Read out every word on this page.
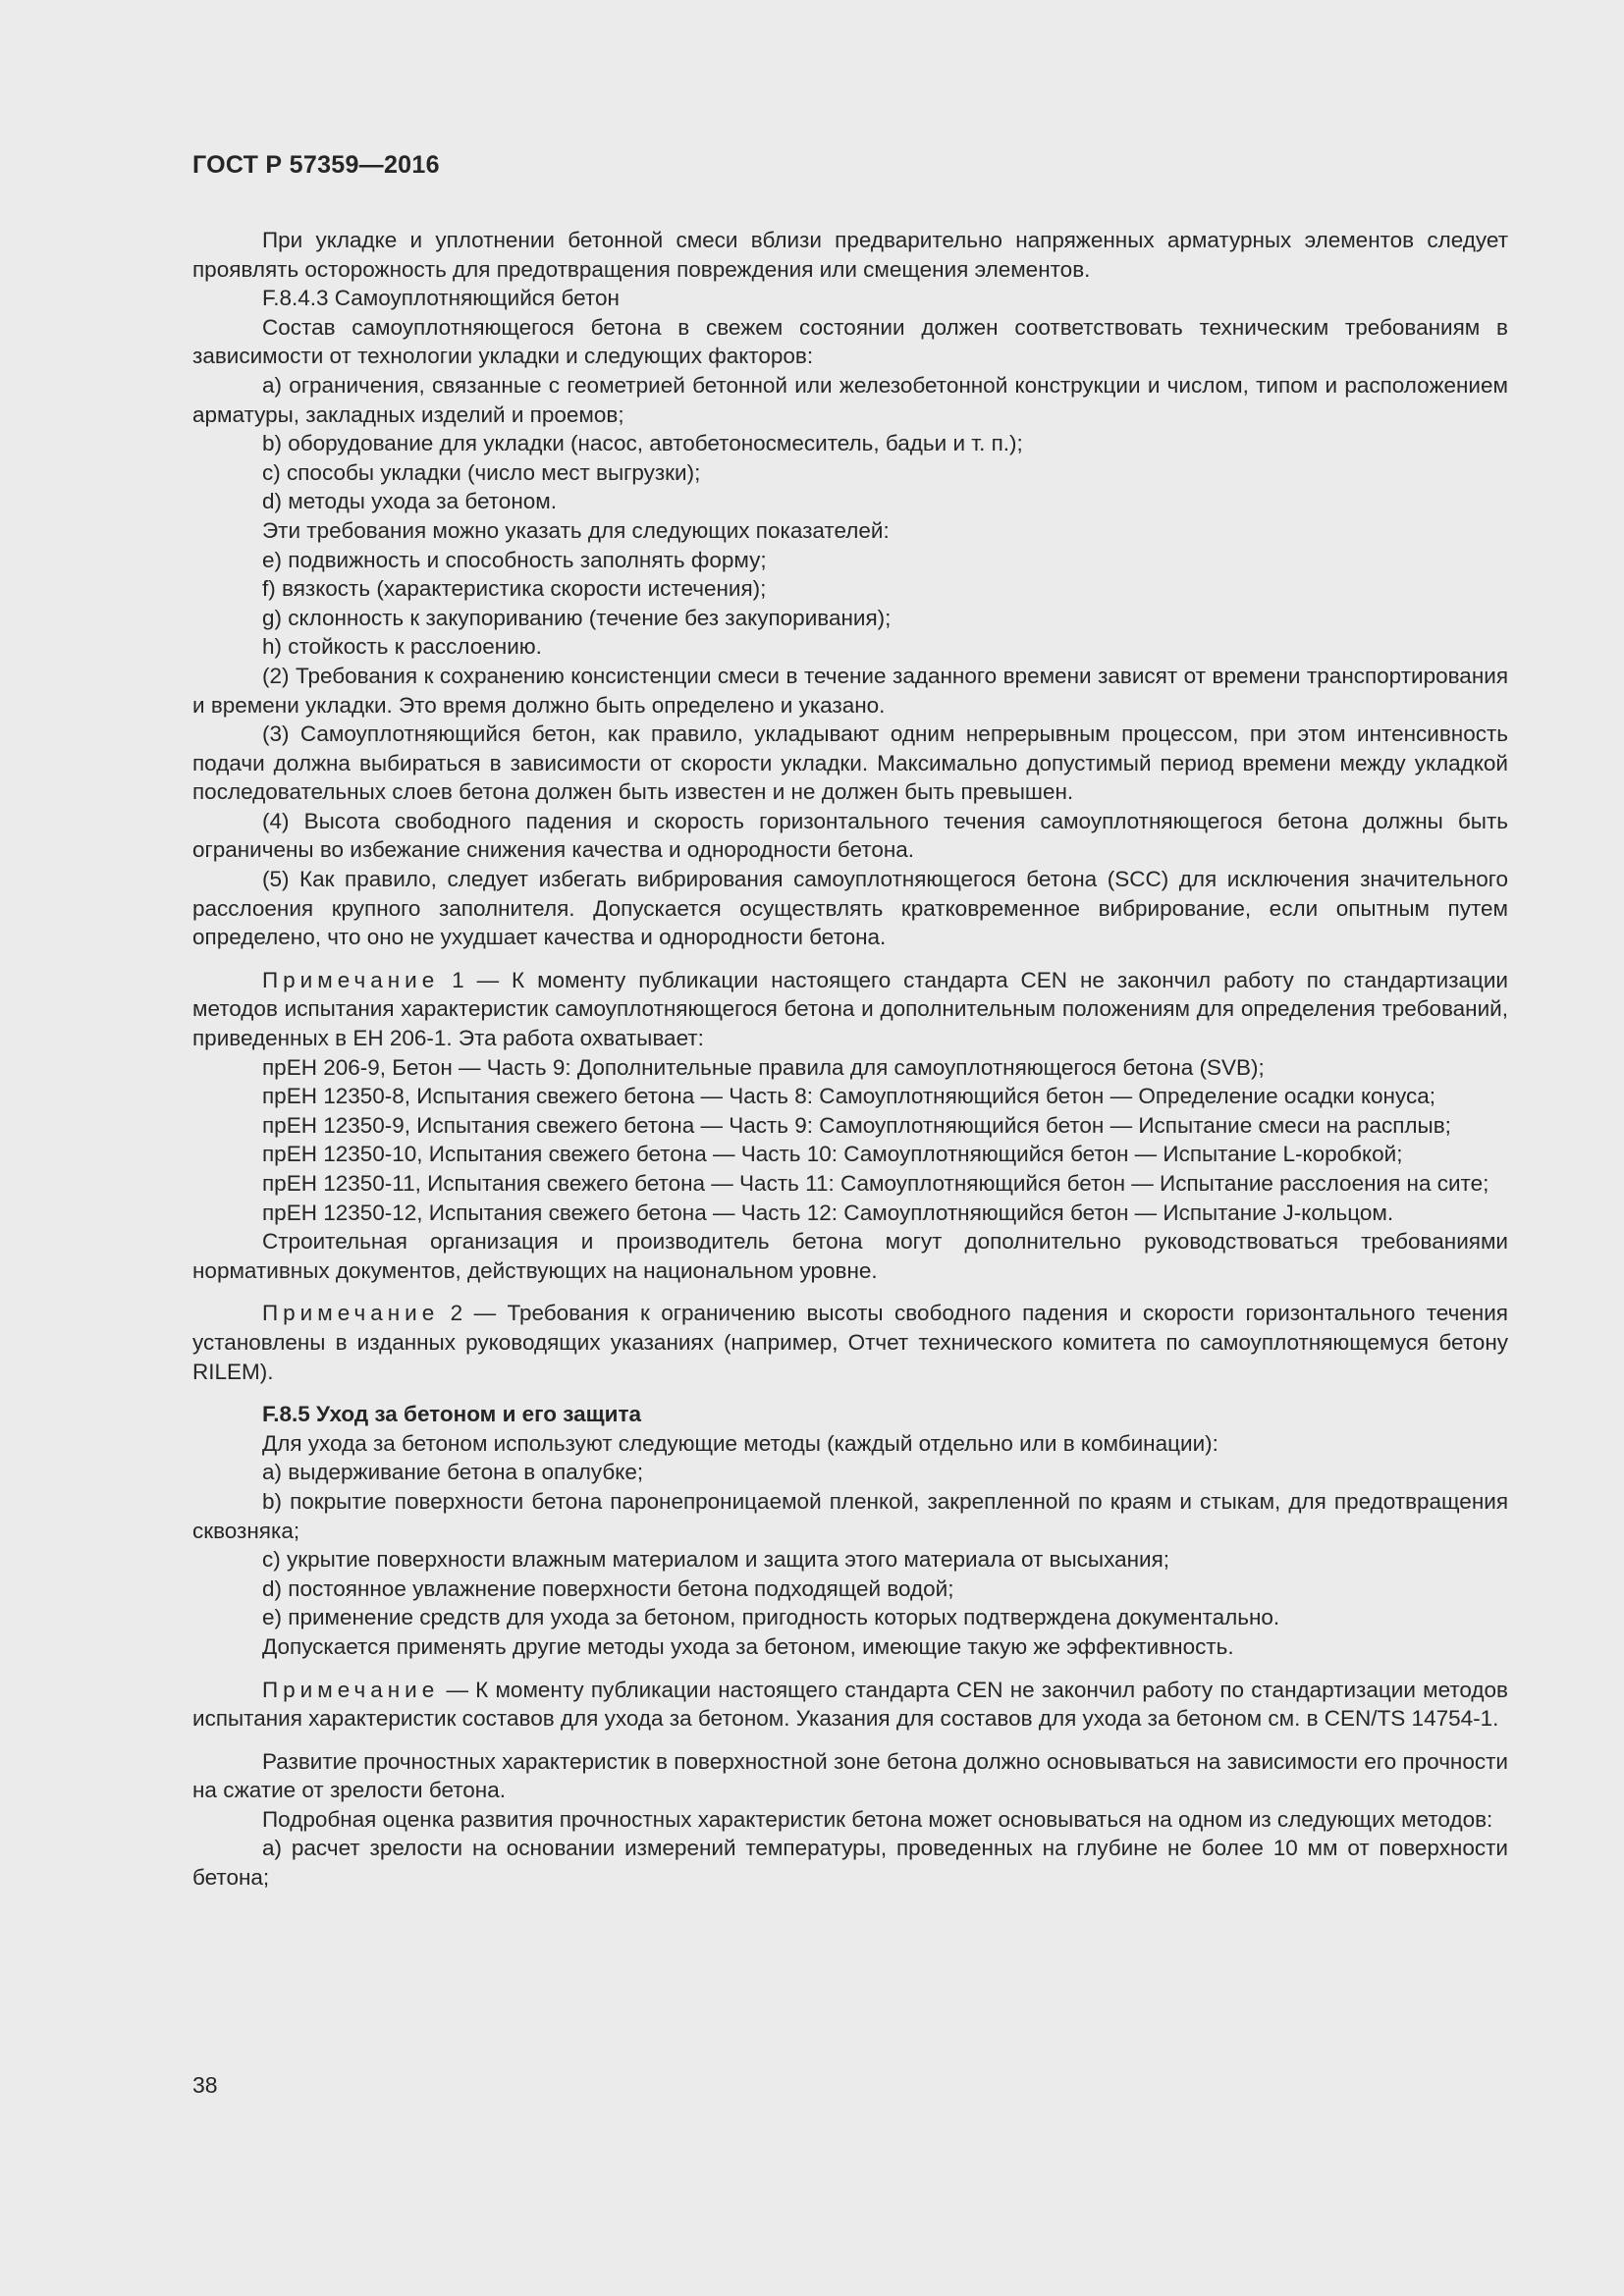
ГОСТ Р 57359—2016

При укладке и уплотнении бетонной смеси вблизи предварительно напряженных арматурных элементов следует проявлять осторожность для предотвращения повреждения или смещения элементов.

F.8.4.3 Самоуплотняющийся бетон

Состав самоуплотняющегося бетона в свежем состоянии должен соответствовать техническим требованиям в зависимости от технологии укладки и следующих факторов:

a) ограничения, связанные с геометрией бетонной или железобетонной конструкции и числом, типом и расположением арматуры, закладных изделий и проемов;

b) оборудование для укладки (насос, автобетоносмеситель, бадьи и т. п.);

c) способы укладки (число мест выгрузки);

d) методы ухода за бетоном.

Эти требования можно указать для следующих показателей:

e) подвижность и способность заполнять форму;

f) вязкость (характеристика скорости истечения);

g) склонность к закупориванию (течение без закупоривания);

h) стойкость к расслоению.

(2) Требования к сохранению консистенции смеси в течение заданного времени зависят от времени транспортирования и времени укладки. Это время должно быть определено и указано.

(3) Самоуплотняющийся бетон, как правило, укладывают одним непрерывным процессом, при этом интенсивность подачи должна выбираться в зависимости от скорости укладки. Максимально допустимый период времени между укладкой последовательных слоев бетона должен быть известен и не должен быть превышен.

(4) Высота свободного падения и скорость горизонтального течения самоуплотняющегося бетона должны быть ограничены во избежание снижения качества и однородности бетона.

(5) Как правило, следует избегать вибрирования самоуплотняющегося бетона (SCC) для исключения значительного расслоения крупного заполнителя. Допускается осуществлять кратковременное вибрирование, если опытным путем определено, что оно не ухудшает качества и однородности бетона.

Примечание 1 — К моменту публикации настоящего стандарта CEN не закончил работу по стандартизации методов испытания характеристик самоуплотняющегося бетона и дополнительным положениям для определения требований, приведенных в ЕН 206-1. Эта работа охватывает:

прЕН 206-9, Бетон — Часть 9: Дополнительные правила для самоуплотняющегося бетона (SVB);

прЕН 12350-8, Испытания свежего бетона — Часть 8: Самоуплотняющийся бетон — Определение осадки конуса;

прЕН 12350-9, Испытания свежего бетона — Часть 9: Самоуплотняющийся бетон — Испытание смеси на расплыв;

прЕН 12350-10, Испытания свежего бетона — Часть 10: Самоуплотняющийся бетон — Испытание L-коробкой;

прЕН 12350-11, Испытания свежего бетона — Часть 11: Самоуплотняющийся бетон — Испытание расслоения на сите;

прЕН 12350-12, Испытания свежего бетона — Часть 12: Самоуплотняющийся бетон — Испытание J-кольцом.

Строительная организация и производитель бетона могут дополнительно руководствоваться требованиями нормативных документов, действующих на национальном уровне.

Примечание 2 — Требования к ограничению высоты свободного падения и скорости горизонтального течения установлены в изданных руководящих указаниях (например, Отчет технического комитета по самоуплотняющемуся бетону RILEM).

F.8.5 Уход за бетоном и его защита

Для ухода за бетоном используют следующие методы (каждый отдельно или в комбинации):

a) выдерживание бетона в опалубке;

b) покрытие поверхности бетона паронепроницаемой пленкой, закрепленной по краям и стыкам, для предотвращения сквозняка;

c) укрытие поверхности влажным материалом и защита этого материала от высыхания;

d) постоянное увлажнение поверхности бетона подходящей водой;

e) применение средств для ухода за бетоном, пригодность которых подтверждена документально.

Допускается применять другие методы ухода за бетоном, имеющие такую же эффективность.

Примечание — К моменту публикации настоящего стандарта CEN не закончил работу по стандартизации методов испытания характеристик составов для ухода за бетоном. Указания для составов для ухода за бетоном см. в CEN/TS 14754-1.

Развитие прочностных характеристик в поверхностной зоне бетона должно основываться на зависимости его прочности на сжатие от зрелости бетона.

Подробная оценка развития прочностных характеристик бетона может основываться на одном из следующих методов:

a) расчет зрелости на основании измерений температуры, проведенных на глубине не более 10 мм от поверхности бетона;

38
